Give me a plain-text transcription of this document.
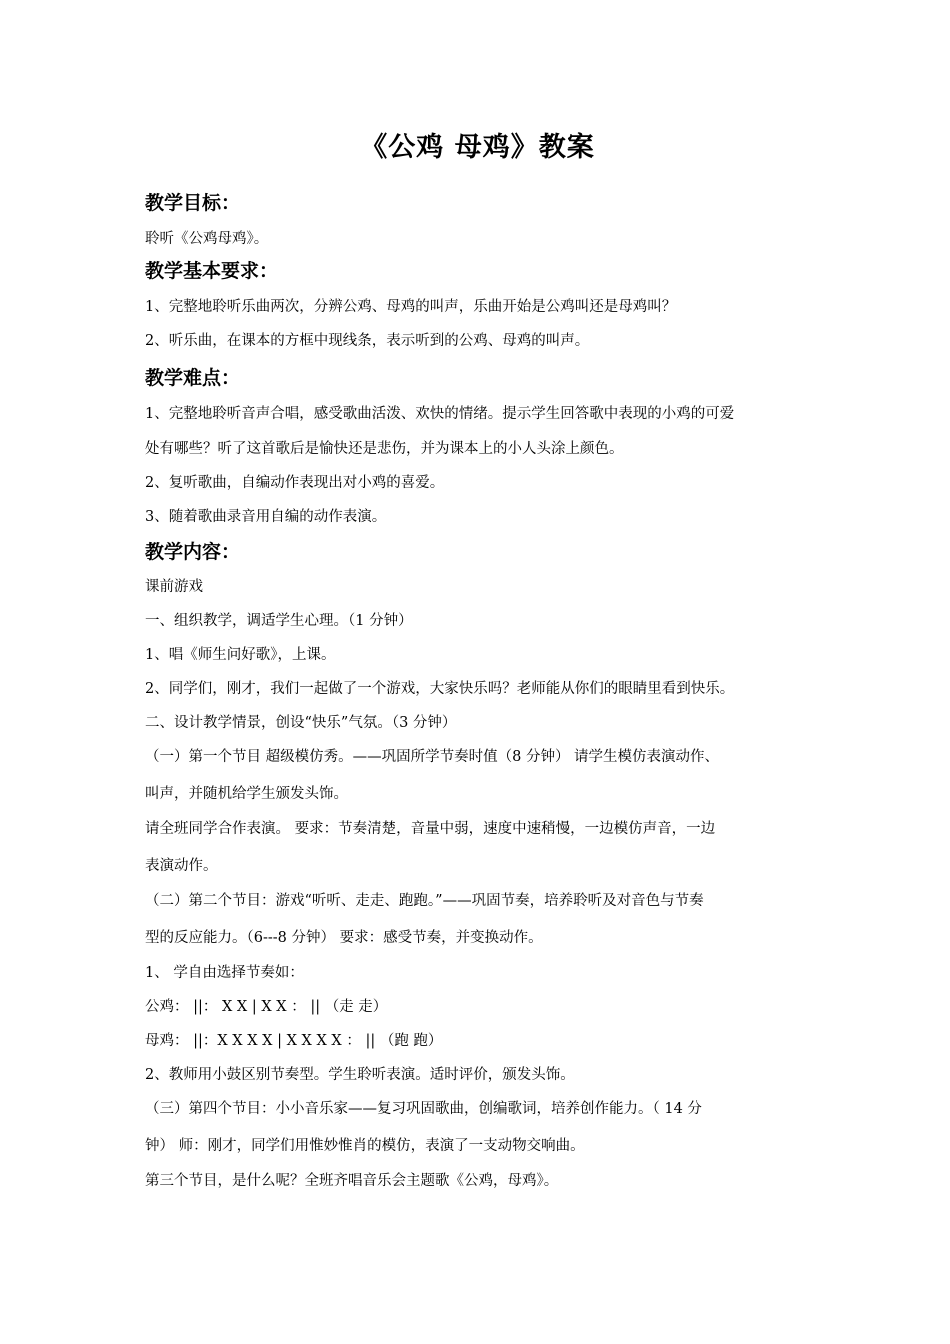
《公鸡 母鸡》教案
教学目标：
聆听《公鸡母鸡》。
教学基本要求：
1、完整地聆听乐曲两次，分辨公鸡、母鸡的叫声，乐曲开始是公鸡叫还是母鸡叫？
2、听乐曲，在课本的方框中现线条，表示听到的公鸡、母鸡的叫声。
教学难点：
1、完整地聆听音声合唱，感受歌曲活泼、欢快的情绪。提示学生回答歌中表现的小鸡的可爱
处有哪些？听了这首歌后是愉快还是悲伤，并为课本上的小人头涂上颜色。
2、复听歌曲，自编动作表现出对小鸡的喜爱。
3、随着歌曲录音用自编的动作表演。
教学内容：
课前游戏
一、组织教学，调适学生心理。（1 分钟）
1、唱《师生问好歌》，上课。
2、同学们，刚才，我们一起做了一个游戏，大家快乐吗？老师能从你们的眼睛里看到快乐。
二、设计教学情景，创设“快乐”气氛。（3 分钟）
（一）第一个节目 超级模仿秀。——巩固所学节奏时值（8 分钟） 请学生模仿表演动作、
叫声，并随机给学生颁发头饰。
请全班同学合作表演。 要求：节奏清楚，音量中弱，速度中速稍慢，一边模仿声音，一边
表演动作。
（二）第二个节目：游戏“听听、走走、跑跑。”——巩固节奏，培养聆听及对音色与节奏
型的反应能力。（6---8 分钟） 要求：感受节奏，并变换动作。
1、 学自由选择节奏如：
公鸡： ||： X X | X X ： || （走 走）
母鸡： ||：X X X X | X X X X ： || （跑 跑）
2、教师用小鼓区别节奏型。学生聆听表演。适时评价，颁发头饰。
（三）第四个节目：小小音乐家——复习巩固歌曲，创编歌词，培养创作能力。（ 14 分
钟） 师：刚才，同学们用惟妙惟肖的模仿，表演了一支动物交响曲。
第三个节目，是什么呢？全班齐唱音乐会主题歌《公鸡，母鸡》。
